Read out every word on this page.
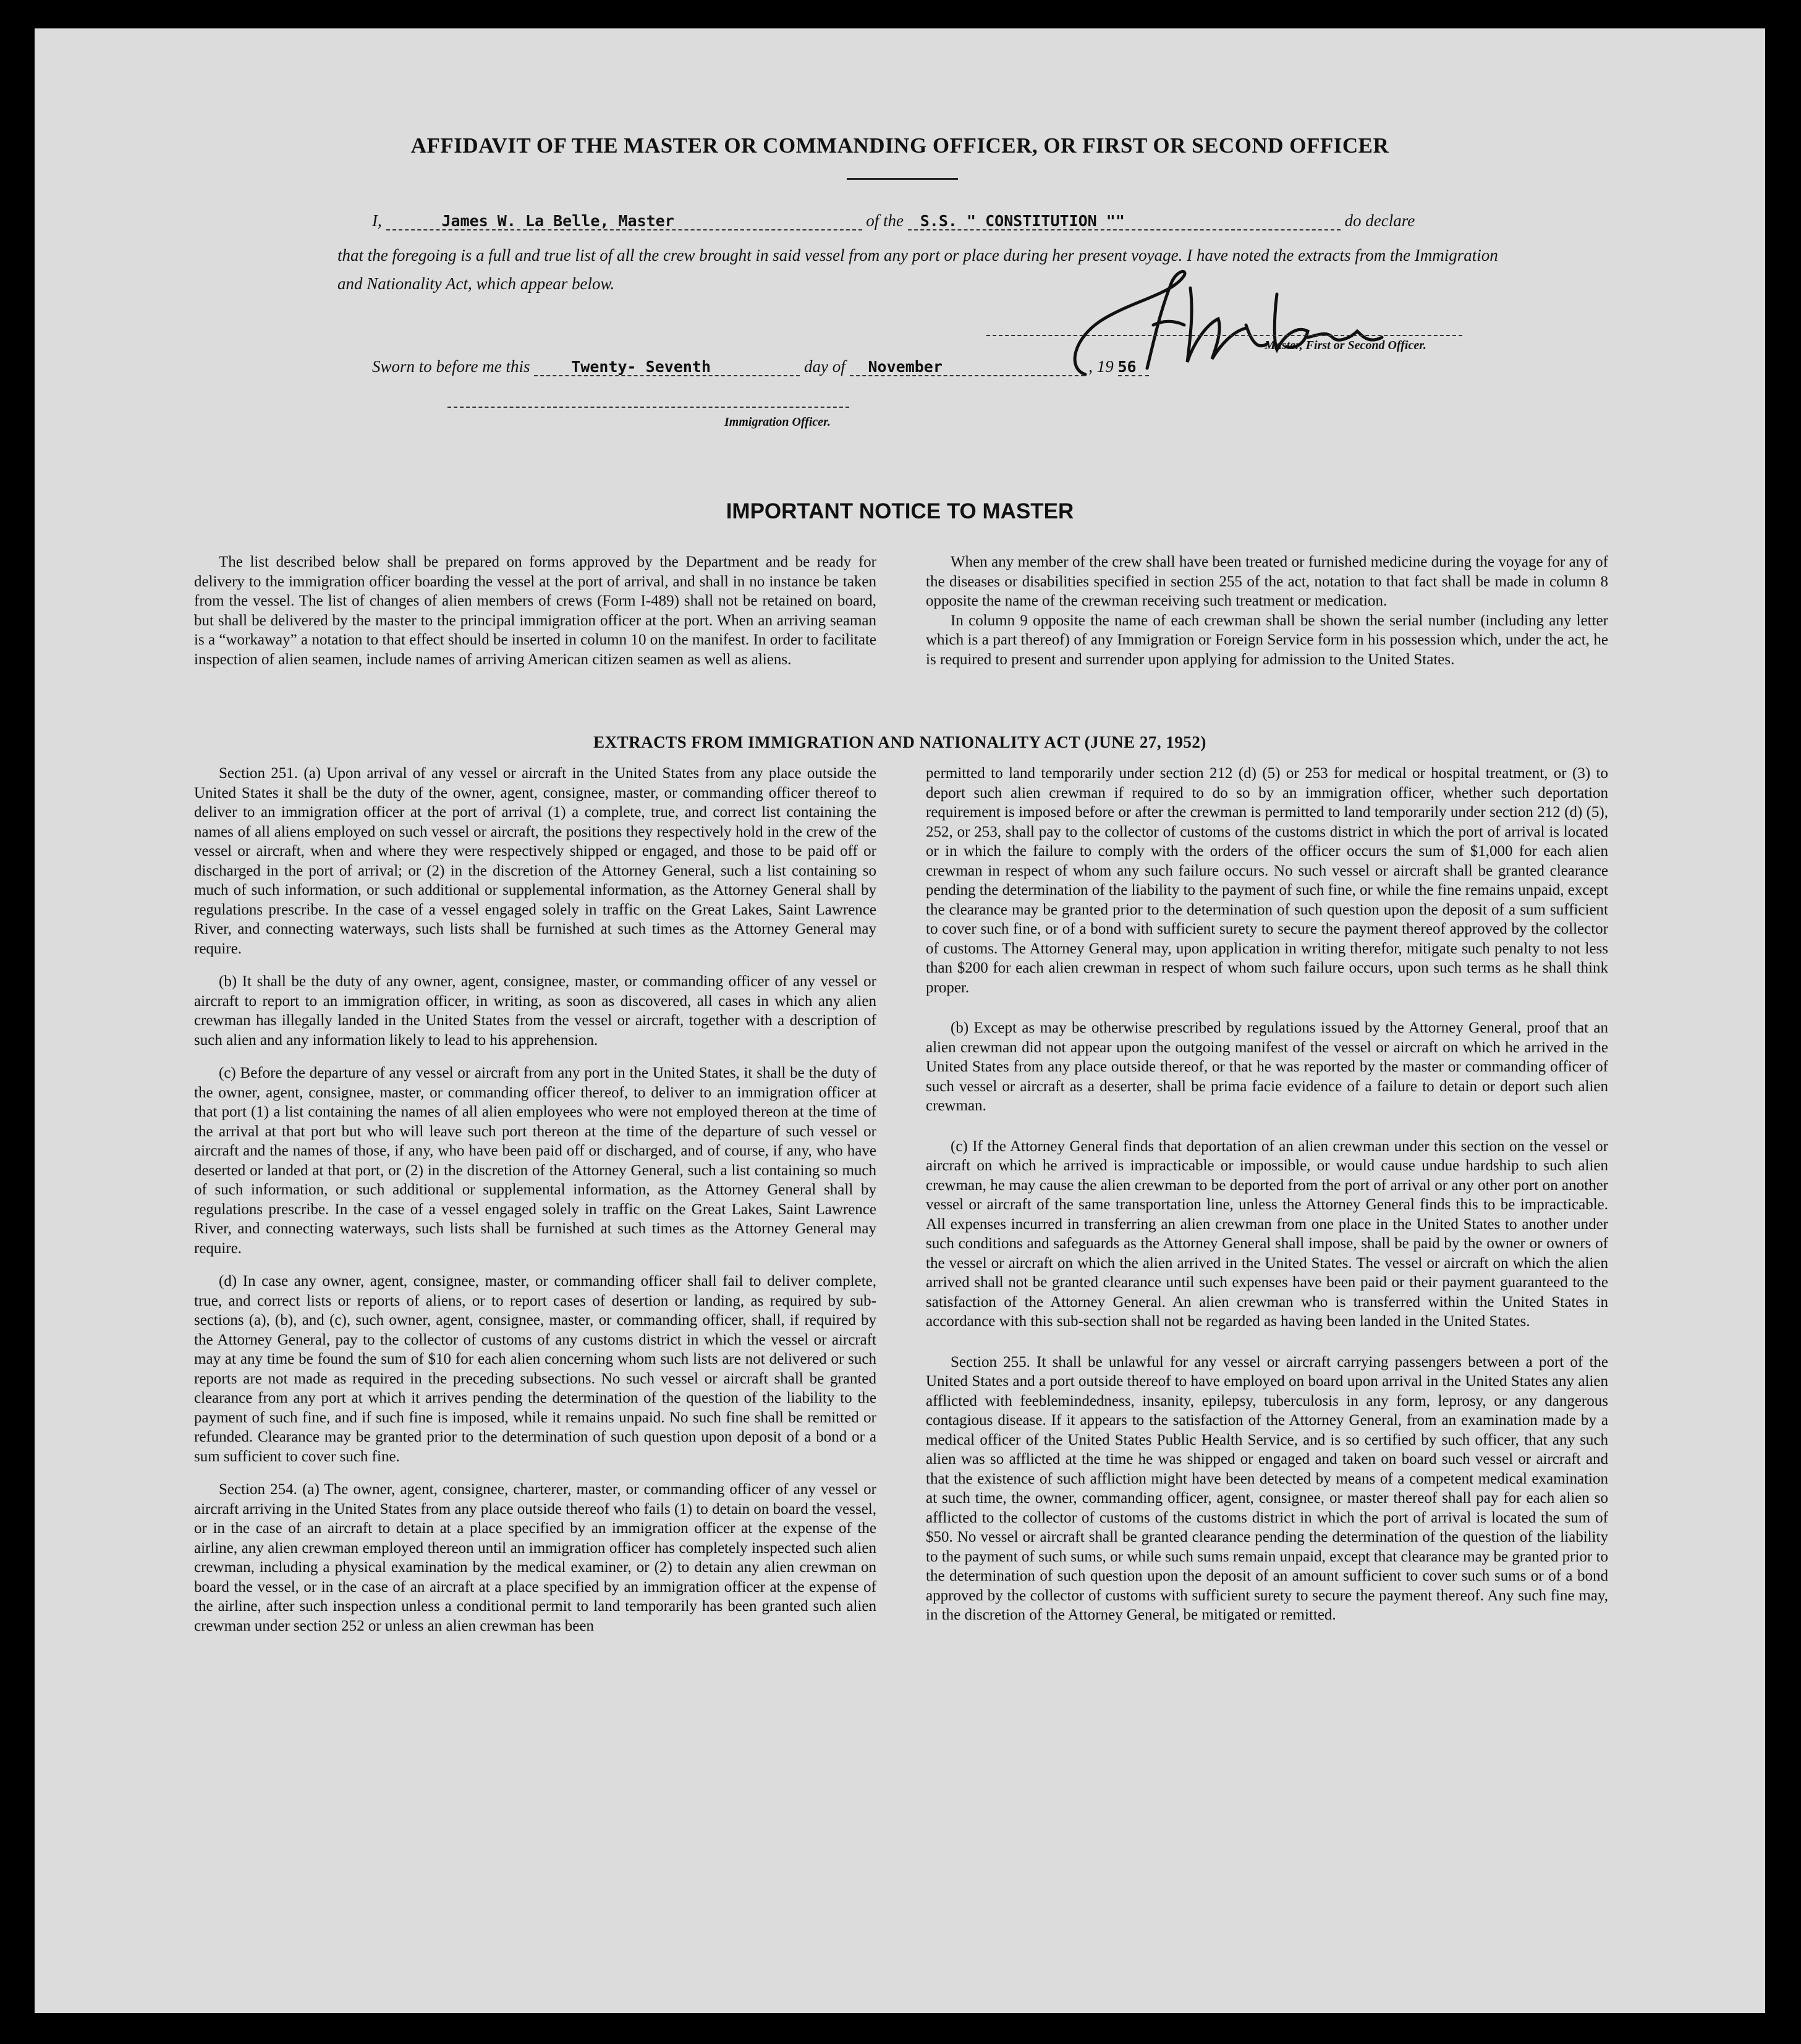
AFFIDAVIT OF THE MASTER OR COMMANDING OFFICER, OR FIRST OR SECOND OFFICER
I,	James W. La Belle, Master	of the S.S. " CONSTITUTION ""	do declare
that the foregoing is a full and true list of all the crew brought in said vessel from any port or place during her present voyage. I have noted the extracts from the Immigration and Nationality Act, which appear below.
Master, First or Second Officer.
Sworn to before me this	Twenty- Seventh	day of November	, 19 56
Immigration Officer.
IMPORTANT NOTICE TO MASTER

The list described below shall be prepared on forms approved by the Department and be ready for delivery to the immigration officer boarding the vessel at the port of arrival, and shall in no instance be taken from the vessel. The list of changes of alien members of crews (Form I-489) shall not be retained on board, but shall be delivered by the master to the principal immigration officer at the port. When an arriving seaman is a “workaway” a notation to that effect should be inserted in column 10 on the manifest. In order to facilitate inspection of alien seamen, include names of arriving American citizen seamen as well as aliens.

When any member of the crew shall have been treated or furnished medicine during the voyage for any of the diseases or disabilities specified in section 255 of the act, notation to that fact shall be made in column 8 opposite the name of the crewman receiving such treatment or medication.

In column 9 opposite the name of each crewman shall be shown the serial number (including any letter which is a part thereof) of any Immigration or Foreign Service form in his possession which, under the act, he is required to present and surrender upon applying for admission to the United States.

EXTRACTS FROM IMMIGRATION AND NATIONALITY ACT (JUNE 27, 1952)

Section 251. (a) Upon arrival of any vessel or aircraft in the United States from any place outside the United States it shall be the duty of the owner, agent, consignee, master, or commanding officer thereof to deliver to an immigration officer at the port of arrival (1) a complete, true, and correct list containing the names of all aliens employed on such vessel or aircraft, the positions they respectively hold in the crew of the vessel or aircraft, when and where they were respectively shipped or engaged, and those to be paid off or discharged in the port of arrival; or (2) in the discretion of the Attorney General, such a list containing so much of such information, or such additional or supplemental information, as the Attorney General shall by regulations prescribe. In the case of a vessel engaged solely in traffic on the Great Lakes, Saint Lawrence River, and connecting waterways, such lists shall be furnished at such times as the Attorney General may require.

(b) It shall be the duty of any owner, agent, consignee, master, or commanding officer of any vessel or aircraft to report to an immigration officer, in writing, as soon as discovered, all cases in which any alien crewman has illegally landed in the United States from the vessel or aircraft, together with a description of such alien and any information likely to lead to his apprehension.

(c) Before the departure of any vessel or aircraft from any port in the United States, it shall be the duty of the owner, agent, consignee, master, or commanding officer thereof, to deliver to an immigration officer at that port (1) a list containing the names of all alien employees who were not employed thereon at the time of the arrival at that port but who will leave such port thereon at the time of the departure of such vessel or aircraft and the names of those, if any, who have been paid off or discharged, and of course, if any, who have deserted or landed at that port, or (2) in the discretion of the Attorney General, such a list containing so much of such information, or such additional or supplemental information, as the Attorney General shall by regulations prescribe. In the case of a vessel engaged solely in traffic on the Great Lakes, Saint Lawrence River, and connecting waterways, such lists shall be furnished at such times as the Attorney General may require.

(d) In case any owner, agent, consignee, master, or commanding officer shall fail to deliver complete, true, and correct lists or reports of aliens, or to report cases of desertion or landing, as required by sub-sections (a), (b), and (c), such owner, agent, consignee, master, or commanding officer, shall, if required by the Attorney General, pay to the collector of customs of any customs district in which the vessel or aircraft may at any time be found the sum of $10 for each alien concerning whom such lists are not delivered or such reports are not made as required in the preceding subsections. No such vessel or aircraft shall be granted clearance from any port at which it arrives pending the determination of the question of the liability to the payment of such fine, and if such fine is imposed, while it remains unpaid. No such fine shall be remitted or refunded. Clearance may be granted prior to the determination of such question upon deposit of a bond or a sum sufficient to cover such fine.

Section 254. (a) The owner, agent, consignee, charterer, master, or commanding officer of any vessel or aircraft arriving in the United States from any place outside thereof who fails (1) to detain on board the vessel, or in the case of an aircraft to detain at a place specified by an immigration officer at the expense of the airline, any alien crewman employed thereon until an immigration officer has completely inspected such alien crewman, including a physical examination by the medical examiner, or (2) to detain any alien crewman on board the vessel, or in the case of an aircraft at a place specified by an immigration officer at the expense of the airline, after such inspection unless a conditional permit to land temporarily has been granted such alien crewman under section 252 or unless an alien crewman has been

permitted to land temporarily under section 212 (d) (5) or 253 for medical or hospital treatment, or (3) to deport such alien crewman if required to do so by an immigration officer, whether such deportation requirement is imposed before or after the crewman is permitted to land temporarily under section 212 (d) (5), 252, or 253, shall pay to the collector of customs of the customs district in which the port of arrival is located or in which the failure to comply with the orders of the officer occurs the sum of $1,000 for each alien crewman in respect of whom any such failure occurs. No such vessel or aircraft shall be granted clearance pending the determination of the liability to the payment of such fine, or while the fine remains unpaid, except the clearance may be granted prior to the determination of such question upon the deposit of a sum sufficient to cover such fine, or of a bond with sufficient surety to secure the payment thereof approved by the collector of customs. The Attorney General may, upon application in writing therefor, mitigate such penalty to not less than $200 for each alien crewman in respect of whom such failure occurs, upon such terms as he shall think proper.

(b) Except as may be otherwise prescribed by regulations issued by the Attorney General, proof that an alien crewman did not appear upon the outgoing manifest of the vessel or aircraft on which he arrived in the United States from any place outside thereof, or that he was reported by the master or commanding officer of such vessel or aircraft as a deserter, shall be prima facie evidence of a failure to detain or deport such alien crewman.

(c) If the Attorney General finds that deportation of an alien crewman under this section on the vessel or aircraft on which he arrived is impracticable or impossible, or would cause undue hardship to such alien crewman, he may cause the alien crewman to be deported from the port of arrival or any other port on another vessel or aircraft of the same transportation line, unless the Attorney General finds this to be impracticable. All expenses incurred in transferring an alien crewman from one place in the United States to another under such conditions and safeguards as the Attorney General shall impose, shall be paid by the owner or owners of the vessel or aircraft on which the alien arrived in the United States. The vessel or aircraft on which the alien arrived shall not be granted clearance until such expenses have been paid or their payment guaranteed to the satisfaction of the Attorney General. An alien crewman who is transferred within the United States in accordance with this sub-section shall not be regarded as having been landed in the United States.

Section 255. It shall be unlawful for any vessel or aircraft carrying passengers between a port of the United States and a port outside thereof to have employed on board upon arrival in the United States any alien afflicted with feeblemindedness, insanity, epilepsy, tuberculosis in any form, leprosy, or any dangerous contagious disease. If it appears to the satisfaction of the Attorney General, from an examination made by a medical officer of the United States Public Health Service, and is so certified by such officer, that any such alien was so afflicted at the time he was shipped or engaged and taken on board such vessel or aircraft and that the existence of such affliction might have been detected by means of a competent medical examination at such time, the owner, commanding officer, agent, consignee, or master thereof shall pay for each alien so afflicted to the collector of customs of the customs district in which the port of arrival is located the sum of $50. No vessel or aircraft shall be granted clearance pending the determination of the question of the liability to the payment of such sums, or while such sums remain unpaid, except that clearance may be granted prior to the determination of such question upon the deposit of an amount sufficient to cover such sums or of a bond approved by the collector of customs with sufficient surety to secure the payment thereof. Any such fine may, in the discretion of the Attorney General, be mitigated or remitted.
